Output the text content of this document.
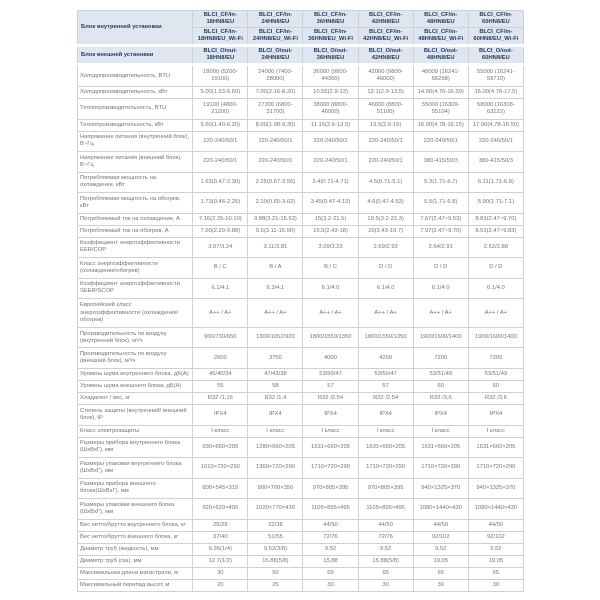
Блок внутренней установки	BLCI_CF/in-18HN8/EU	BLCI_CF/in-24HN8/EU	BLCI_CF/in-36HN8/EU	BLCI_CF/in-42HN8/EU	BLCI_CF/in-48HN8/EU	BLCI_CF/in-60HN8/EU
	BLCI_CF/in-18HN8/EU_Wi-Fi	BLCI_CF/in-24HN8/EU_Wi-Fi	BLCI_CF/in-36HN8/EU_Wi-Fi	BLCI_CF/in-42HN8/EU_Wi-Fi	BLCI_CF/in-48HN8/EU_Wi-Fi	BLCI_CF/in-60HN8/EU_Wi-Fi
Блок внешней установки	BLCI_O/out-18HN8/EU	BLCI_O/out-24HN8/EU	BLCI_O/out-36HN8/EU	BLCI_O/out-42HN8/EU	BLCI_O/out-48HN8/EU	BLCI_O/out-60HN8/EU
Холодопроизводительность, BTU	18000 (5200-19100)	24000 (7400-28000)	36000 (9800-44300)	42000 (9800-46000)	48000 (16241-56298)	55000 (16241-59710)
Холодопроизводительность, кВт	5.00(1.53-5.60)	7.00(2.16-8.20)	10.55(2.9-13)	12.1(2.9-13.5)	14.00(4.76-16.50)	16.00(4.76-17.5)
Теплопроизводительность, BTU	19100 (4800-21200)	27300 (6800-31700)	38000 (8800-46000)	46000 (8800-51100)	55000 (16309-55104)	58000 (16308-63122)
Теплопроизводительность, кВт	5.60(1.40-6.20)	8.00(1.98-9.30)	11.15(2.6-13.5)	13.5(2.6-15)	16.00(4.78-16.15)	17.00(4.78-18.50)
Напряжение питания (внутренний блок), В~Гц	220-240/50/1	220-240/50/1	220-240/50/1	220-240/50/1	220-240/50/1	220-240/50/1
Напряжение питания (внешний блок), В~Гц	220-240/50/1	220-240/50/1	220-240/50/1	220-240/50/1	380-415/50/3	380-415/50/3
Потребляемая мощность на охлаждение, кВт	1.63(0.47-2.30)	2.25(0.67-3.56)	3.4(0.71-4.71)	4.5(0.71-5.1)	5.3(1.71-6.7)	6.11(1.71-6.8)
Потребляемая мощность на обогрев, кВт	1.73(0.46-2.25)	2.10(0.65-3.62)	3.45(0.47-4.13)	4.6(0.47-4.53)	5.5(1.71-6.8)	5.90(1.71-7.1)
Потребляемый ток на охлаждение, А	7.16(2.25-10.10)	9.88(3.21-15.63)	15(3.2-21.5)	19.5(3.2-22.3)	7.67(2.47~9.53)	8.83(2.47~9.70)
Потребляемый ток на обогрев, А	7.60(2.20-9.88)	9.6(3.11-15.90)	15.5(2.43-18)	20(2.43-19.7)	7.97(2.47~9.70)	8.53(2.47~9.83)
Коэффициент энергоэффективности EER/COP	3.07/3.24	3.11/3.81	3.09/3.23	2.69/2.93	2.64/2.91	2.62/2.88
Класс энергоэффективности (охлаждение/обогрев)	B / C	B / A	B / C	D / D	D / D	D / D
Коэффициент энергоэффективности SEER/SCOP	6.1/4.1	6.3/4.1	6.1/4.0	6.1/4.0	6.1/4.0	6.1/4.0
Европейский класс энергоэффективности (охлаждение/обогрев)	A++ / A+	A++ / A+	A++ / A+	A++ / A+	A++ / A+	A++ / A+
Производительность по воздуху (внутренний блок), м³/ч	900/730/650	1300/1052/920	1800/1550/1350	1800/1550/1350	1900/1600/1400	1900/1600/1400
Производительность по воздуху (внешний блок), м³/ч	2600	3750	4000	4200	7200	7200
Уровень шума внутреннего блока, дБ(А)	45/40/34	47/43/38	53/50/47	53/50/47	53/51/49	53/51/49
Уровень шума внешнего блока, дБ(А)	55	58	57	57	60	60
Хладагент / вес, кг	R32 /1,16	R32 /1,4	R32 /2.54	R32 /2.54	R32 /3,6	R32 /3,6
Степень защиты (внутренний/ внешний блок), IP	IPX4	IPX4	IPX4	IPX4	IPX4	IPX4
Класс электрозащиты	I класс	I класс	I класс	I класс	I класс	I класс
Размеры прибора внутреннего блока (ШхВхГ), мм	930×660×205	1280×660×205	1631×660×205	1631×660×205	1631×660×205	1631×660×205
Размеры упаковки внутреннего блока (ШхВхГ), мм	1010×720×290	1360×720×290	1710×720×290	1710×720×290	1710×720×290	1710×720×290
Размеры прибора внешнего блока(ШхВхГ), мм	800×545×315	900×700×350	970×805×395	970×805×395	940×1325×370	940×1325×370
Размеры упаковки внешнего блока (ШхВхГ), мм	920×620×400	1020×770×430	1105×895×495	1105×895×495	1080×1440×430	1080×1440×430
Вес нетто/брутто внутреннего блока, кг	25/28	32/38	44/50	44/50	44/50	44/50
Вес нетто/брутто внешнего блока, кг	37/40	51/55	72/76	72/76	92/102	92/102
Диаметр труб (жидкость), мм	6.35(1/4)	9.52(3/8)	9,52	9,52	9,52	9,52
Диаметр труб (газ), мм	12.7(1/2)	15.88(5/8)	15,88	15.88(5/8)	19,05	19,05
Максимальная длина магистрали, м	30	50	65	65	65	65
Максимальный перепад высот, м	20	25	30	30	30	30
